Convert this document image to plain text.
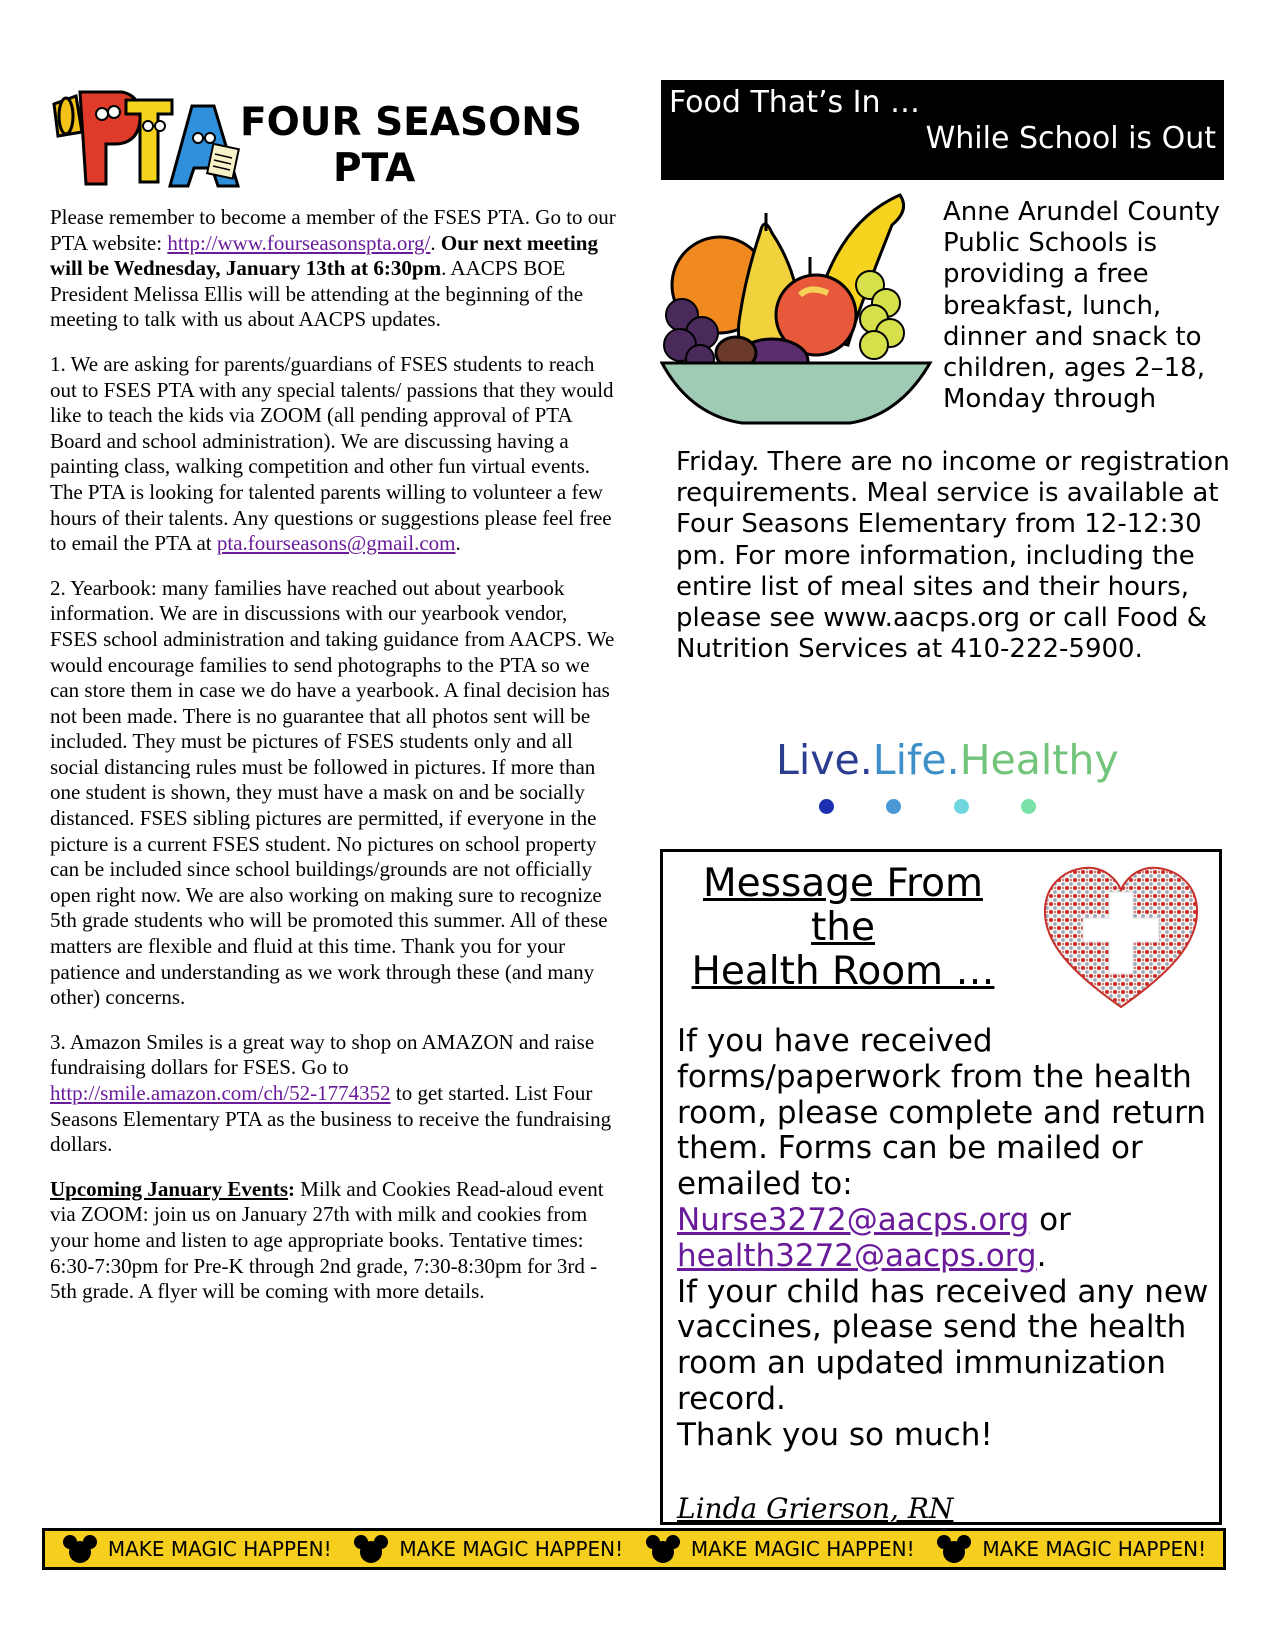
FOUR SEASONS
PTA

Please remember to become a member of the FSES PTA. Go to our PTA website: http://www.fourseasonspta.org/. Our next meeting will be Wednesday, January 13th at 6:30pm. AACPS BOE President Melissa Ellis will be attending at the beginning of the meeting to talk with us about AACPS updates.

1. We are asking for parents/guardians of FSES students to reach out to FSES PTA with any special talents/ passions that they would like to teach the kids via ZOOM (all pending approval of PTA Board and school administration). We are discussing having a painting class, walking competition and other fun virtual events. The PTA is looking for talented parents willing to volunteer a few hours of their talents. Any questions or suggestions please feel free to email the PTA at pta.fourseasons@gmail.com.

2. Yearbook: many families have reached out about yearbook information. We are in discussions with our yearbook vendor, FSES school administration and taking guidance from AACPS. We would encourage families to send photographs to the PTA so we can store them in case we do have a yearbook. A final decision has not been made. There is no guarantee that all photos sent will be included. They must be pictures of FSES students only and all social distancing rules must be followed in pictures. If more than one student is shown, they must have a mask on and be socially distanced. FSES sibling pictures are permitted, if everyone in the picture is a current FSES student. No pictures on school property can be included since school buildings/grounds are not officially open right now. We are also working on making sure to recognize 5th grade students who will be promoted this summer. All of these matters are flexible and fluid at this time. Thank you for your patience and understanding as we work through these (and many other) concerns.

3. Amazon Smiles is a great way to shop on AMAZON and raise fundraising dollars for FSES. Go to http://smile.amazon.com/ch/52-1774352 to get started. List Four Seasons Elementary PTA as the business to receive the fundraising dollars.

Upcoming January Events: Milk and Cookies Read-aloud event via ZOOM: join us on January 27th with milk and cookies from your home and listen to age appropriate books. Tentative times: 6:30-7:30pm for Pre-K through 2nd grade, 7:30-8:30pm for 3rd - 5th grade. A flyer will be coming with more details.

Food That’s In …
While School is Out
Anne Arundel County Public Schools is providing a free breakfast, lunch, dinner and snack to children, ages 2–18, Monday through
Friday. There are no income or registration requirements. Meal service is available at Four Seasons Elementary from 12-12:30 pm. For more information, including the entire list of meal sites and their hours, please see www.aacps.org or call Food & Nutrition Services at 410-222-5900.
Live.Life.Healthy
Message From
the
Health Room …
If you have received forms/paperwork from the health room, please complete and return them. Forms can be mailed or emailed to:
Nurse3272@aacps.org or
health3272@aacps.org.
If your child has received any new vaccines, please send the health room an updated immunization record.
Thank you so much!
Linda Grierson, RN
MAKE MAGIC HAPPEN!	MAKE MAGIC HAPPEN!	MAKE MAGIC HAPPEN!	MAKE MAGIC HAPPEN!
